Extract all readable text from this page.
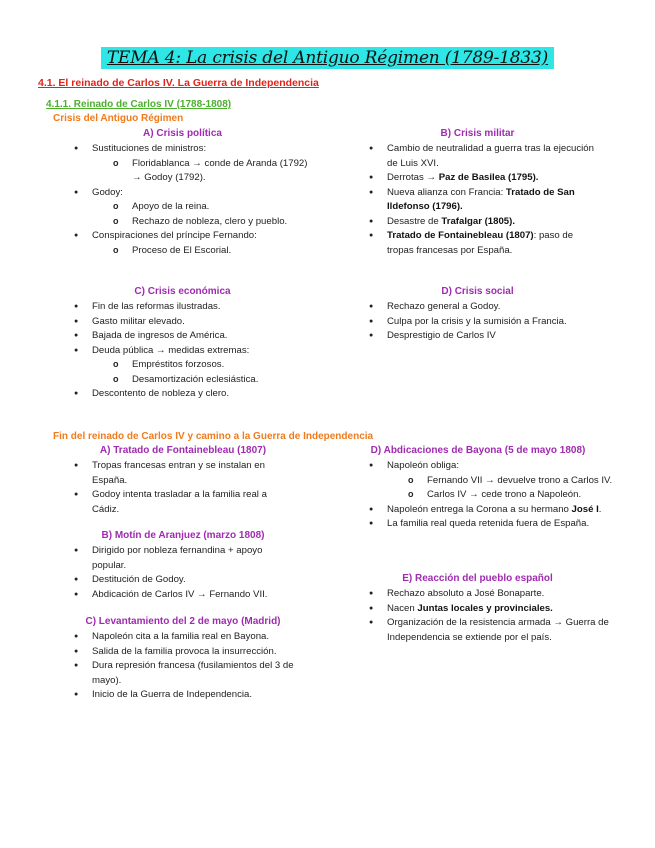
TEMA 4: La crisis del Antiguo Régimen (1789-1833)
4.1. El reinado de Carlos IV. La Guerra de Independencia
4.1.1. Reinado de Carlos IV (1788-1808)
Crisis del Antiguo Régimen
A) Crisis política
● Sustituciones de ministros:
o Floridablanca → conde de Aranda (1792) → Godoy (1792).
● Godoy:
o Apoyo de la reina.
o Rechazo de nobleza, clero y pueblo.
● Conspiraciones del príncipe Fernando:
o Proceso de El Escorial.
B) Crisis militar
● Cambio de neutralidad a guerra tras la ejecución de Luis XVI.
● Derrotas → Paz de Basilea (1795).
● Nueva alianza con Francia: Tratado de San Ildefonso (1796).
● Desastre de Trafalgar (1805).
● Tratado de Fontainebleau (1807): paso de tropas francesas por España.
C) Crisis económica
● Fin de las reformas ilustradas.
● Gasto militar elevado.
● Bajada de ingresos de América.
● Deuda pública → medidas extremas:
o Empréstitos forzosos.
o Desamortización eclesiástica.
● Descontento de nobleza y clero.
D) Crisis social
● Rechazo general a Godoy.
● Culpa por la crisis y la sumisión a Francia.
● Desprestigio de Carlos IV
Fin del reinado de Carlos IV y camino a la Guerra de Independencia
A) Tratado de Fontainebleau (1807)
● Tropas francesas entran y se instalan en España.
● Godoy intenta trasladar a la familia real a Cádiz.
B) Motín de Aranjuez (marzo 1808)
● Dirigido por nobleza fernandina + apoyo popular.
● Destitución de Godoy.
● Abdicación de Carlos IV → Fernando VII.
C) Levantamiento del 2 de mayo (Madrid)
● Napoleón cita a la familia real en Bayona.
● Salida de la familia provoca la insurrección.
● Dura represión francesa (fusilamientos del 3 de mayo).
● Inicio de la Guerra de Independencia.
D) Abdicaciones de Bayona (5 de mayo 1808)
● Napoleón obliga:
o Fernando VII → devuelve trono a Carlos IV.
o Carlos IV → cede trono a Napoleón.
● Napoleón entrega la Corona a su hermano José I.
● La familia real queda retenida fuera de España.
E) Reacción del pueblo español
● Rechazo absoluto a José Bonaparte.
● Nacen Juntas locales y provinciales.
● Organización de la resistencia armada → Guerra de Independencia se extiende por el país.
